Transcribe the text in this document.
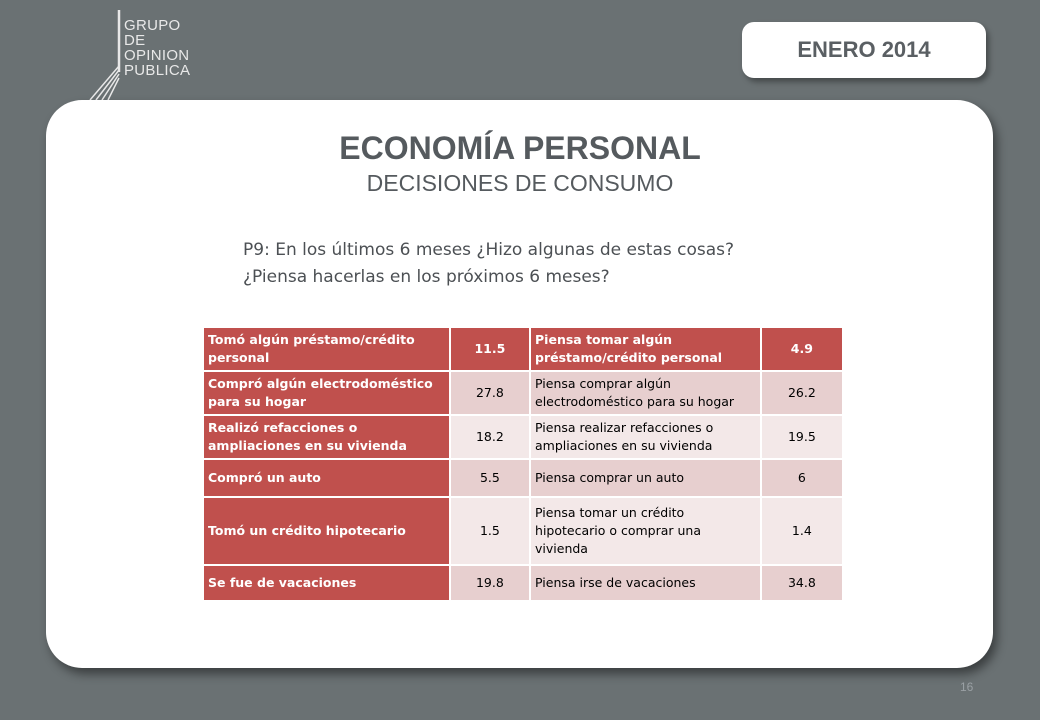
GRUPO
DE
OPINION
PUBLICA
ENERO 2014
ECONOMÍA PERSONAL
DECISIONES DE CONSUMO
P9: En los últimos 6 meses ¿Hizo algunas de estas cosas?
¿Piensa hacerlas en los próximos 6 meses?
Tomó algún préstamo/crédito personal	11.5	Piensa tomar algún préstamo/crédito personal	4.9
Compró algún electrodoméstico para su hogar	27.8	Piensa comprar algún electrodoméstico para su hogar	26.2
Realizó refacciones o ampliaciones en su vivienda	18.2	Piensa realizar refacciones o ampliaciones en su vivienda	19.5
Compró un auto	5.5	Piensa comprar un auto	6
Tomó un crédito hipotecario	1.5	Piensa tomar un crédito hipotecario o comprar una vivienda	1.4
Se fue de vacaciones	19.8	Piensa irse de vacaciones	34.8
16
